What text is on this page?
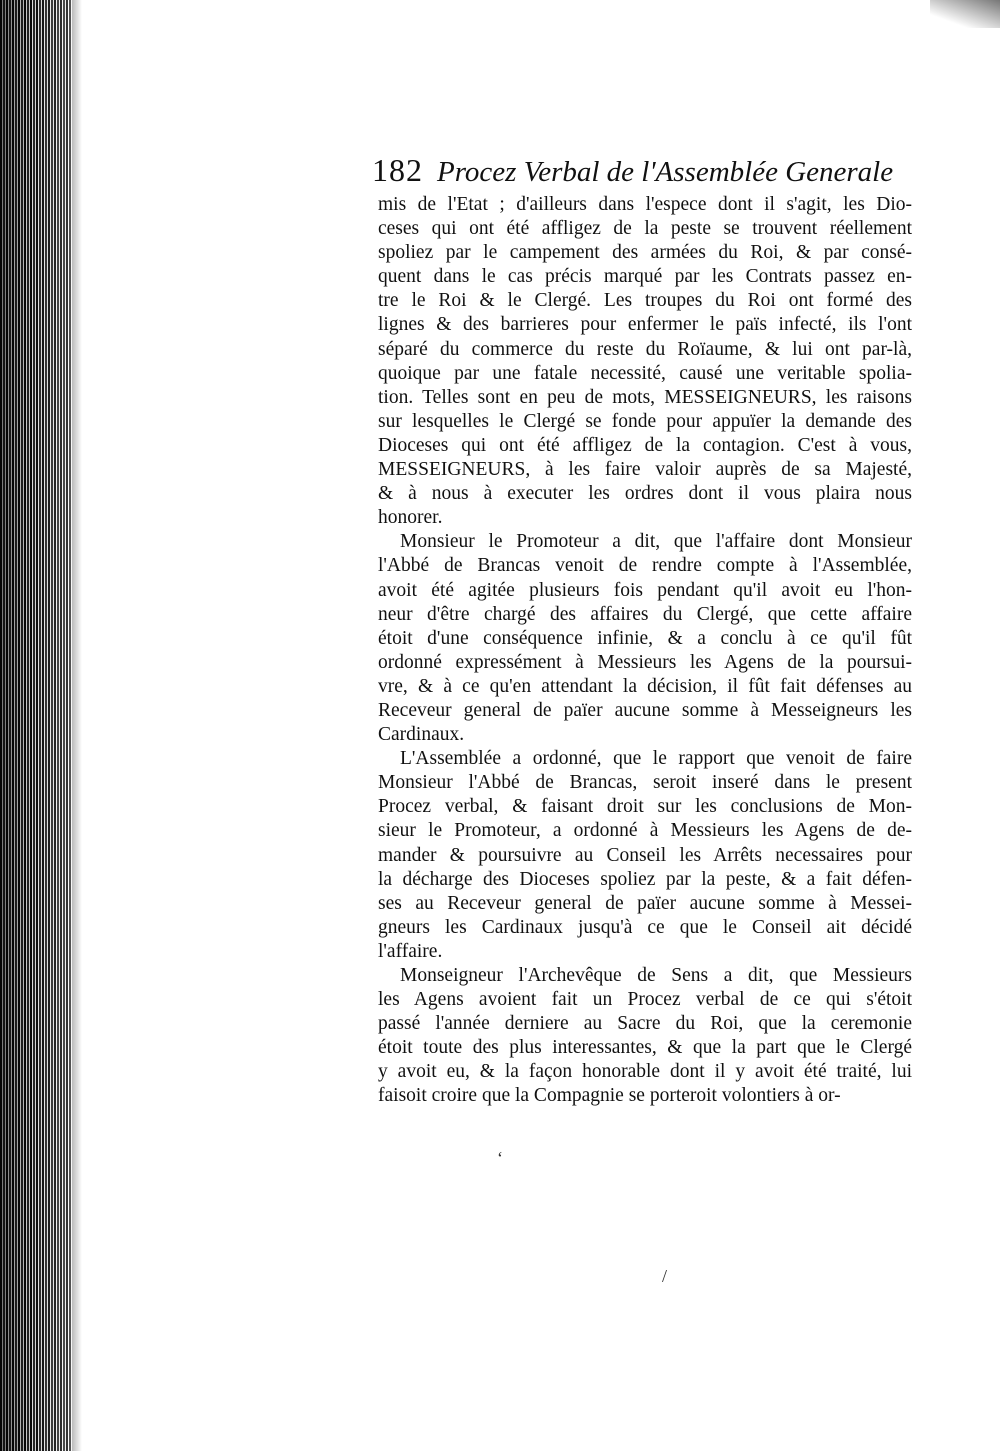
182 Procez Verbal de l'Assemblée Generale
mis de l'Etat ; d'ailleurs dans l'espece dont il s'agit, les Dio-
ceses qui ont été affligez de la peste se trouvent réellement
spoliez par le campement des armées du Roi, & par consé-
quent dans le cas précis marqué par les Contrats passez en-
tre le Roi & le Clergé. Les troupes du Roi ont formé des
lignes & des barrieres pour enfermer le païs infecté, ils l'ont
séparé du commerce du reste du Roïaume, & lui ont par-là,
quoique par une fatale necessité, causé une veritable spolia-
tion. Telles sont en peu de mots, MESSEIGNEURS, les raisons
sur lesquelles le Clergé se fonde pour appuïer la demande des
Dioceses qui ont été affligez de la contagion. C'est à vous,
MESSEIGNEURS, à les faire valoir auprès de sa Majesté,
& à nous à executer les ordres dont il vous plaira nous
honorer.
Monsieur le Promoteur a dit, que l'affaire dont Monsieur
l'Abbé de Brancas venoit de rendre compte à l'Assemblée,
avoit été agitée plusieurs fois pendant qu'il avoit eu l'hon-
neur d'être chargé des affaires du Clergé, que cette affaire
étoit d'une conséquence infinie, & a conclu à ce qu'il fût
ordonné expressément à Messieurs les Agens de la poursui-
vre, & à ce qu'en attendant la décision, il fût fait défenses au
Receveur general de païer aucune somme à Messeigneurs les
Cardinaux.
L'Assemblée a ordonné, que le rapport que venoit de faire
Monsieur l'Abbé de Brancas, seroit inseré dans le present
Procez verbal, & faisant droit sur les conclusions de Mon-
sieur le Promoteur, a ordonné à Messieurs les Agens de de-
mander & poursuivre au Conseil les Arrêts necessaires pour
la décharge des Dioceses spoliez par la peste, & a fait défen-
ses au Receveur general de païer aucune somme à Messei-
gneurs les Cardinaux jusqu'à ce que le Conseil ait décidé
l'affaire.
Monseigneur l'Archevêque de Sens a dit, que Messieurs
les Agens avoient fait un Procez verbal de ce qui s'étoit
passé l'année derniere au Sacre du Roi, que la ceremonie
étoit toute des plus interessantes, & que la part que le Clergé
y avoit eu, & la façon honorable dont il y avoit été traité, lui
faisoit croire que la Compagnie se porteroit volontiers à or-
‘
/
